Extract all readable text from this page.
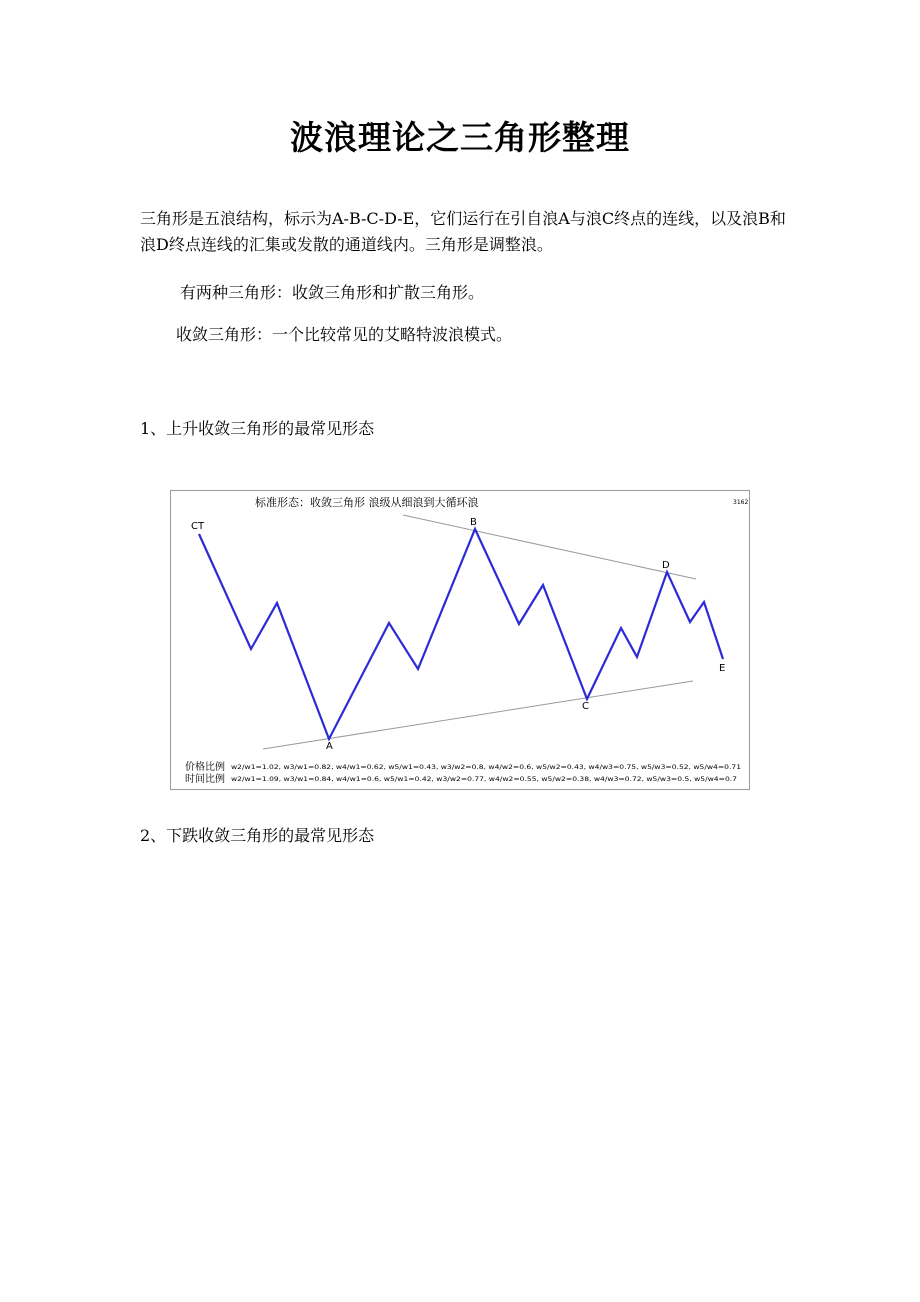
波浪理论之三角形整理
三角形是五浪结构，标示为A-B-C-D-E，它们运行在引自浪A与浪C终点的连线，以及浪B和浪D终点连线的汇集或发散的通道线内。三角形是调整浪。
有两种三角形：收敛三角形和扩散三角形。
收敛三角形：一个比较常见的艾略特波浪模式。
1、上升收敛三角形的最常见形态
标准形态：收敛三角形 浪级从细浪到大循环浪	3162
CT
A
B
C
D
E
价格比例
时间比例
w2/w1=1.02, w3/w1=0.82, w4/w1=0.62, w5/w1=0.43, w3/w2=0.8, w4/w2=0.6, w5/w2=0.43, w4/w3=0.75, w5/w3=0.52, w5/w4=0.71
w2/w1=1.09, w3/w1=0.84, w4/w1=0.6, w5/w1=0.42, w3/w2=0.77, w4/w2=0.55, w5/w2=0.38, w4/w3=0.72, w5/w3=0.5, w5/w4=0.7
2、下跌收敛三角形的最常见形态
